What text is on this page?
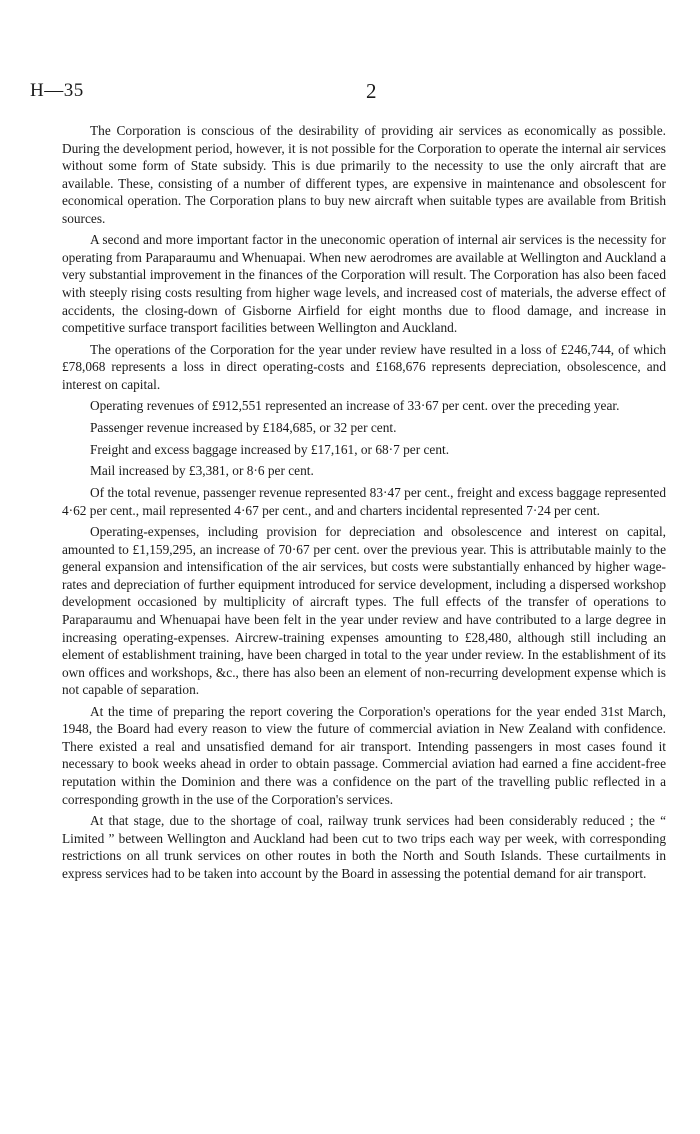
H—35	2

The Corporation is conscious of the desirability of providing air services as economically as possible. During the development period, however, it is not possible for the Corporation to operate the internal air services without some form of State subsidy. This is due primarily to the necessity to use the only aircraft that are available. These, consisting of a number of different types, are expensive in maintenance and obsolescent for economical operation. The Corporation plans to buy new aircraft when suitable types are available from British sources.

A second and more important factor in the uneconomic operation of internal air services is the necessity for operating from Paraparaumu and Whenuapai. When new aerodromes are available at Wellington and Auckland a very substantial improvement in the finances of the Corporation will result. The Corporation has also been faced with steeply rising costs resulting from higher wage levels, and increased cost of materials, the adverse effect of accidents, the closing-down of Gisborne Airfield for eight months due to flood damage, and increase in competitive surface transport facilities between Wellington and Auckland.

The operations of the Corporation for the year under review have resulted in a loss of £246,744, of which £78,068 represents a loss in direct operating-costs and £168,676 represents depreciation, obsolescence, and interest on capital.

Operating revenues of £912,551 represented an increase of 33·67 per cent. over the preceding year.

Passenger revenue increased by £184,685, or 32 per cent.

Freight and excess baggage increased by £17,161, or 68·7 per cent.

Mail increased by £3,381, or 8·6 per cent.

Of the total revenue, passenger revenue represented 83·47 per cent., freight and excess baggage represented 4·62 per cent., mail represented 4·67 per cent., and and charters incidental represented 7·24 per cent.

Operating-expenses, including provision for depreciation and obsolescence and interest on capital, amounted to £1,159,295, an increase of 70·67 per cent. over the previous year. This is attributable mainly to the general expansion and intensification of the air services, but costs were substantially enhanced by higher wage-rates and depreciation of further equipment introduced for service development, including a dispersed workshop development occasioned by multiplicity of aircraft types. The full effects of the transfer of operations to Paraparaumu and Whenuapai have been felt in the year under review and have contributed to a large degree in increasing operating-expenses. Aircrew-training expenses amounting to £28,480, although still including an element of establishment training, have been charged in total to the year under review. In the establishment of its own offices and workshops, &c., there has also been an element of non-recurring development expense which is not capable of separation.

At the time of preparing the report covering the Corporation's operations for the year ended 31st March, 1948, the Board had every reason to view the future of commercial aviation in New Zealand with confidence. There existed a real and unsatisfied demand for air transport. Intending passengers in most cases found it necessary to book weeks ahead in order to obtain passage. Commercial aviation had earned a fine accident-free reputation within the Dominion and there was a confidence on the part of the travelling public reflected in a corresponding growth in the use of the Corporation's services.

At that stage, due to the shortage of coal, railway trunk services had been considerably reduced ; the “ Limited ” between Wellington and Auckland had been cut to two trips each way per week, with corresponding restrictions on all trunk services on other routes in both the North and South Islands. These curtailments in express services had to be taken into account by the Board in assessing the potential demand for air transport.
